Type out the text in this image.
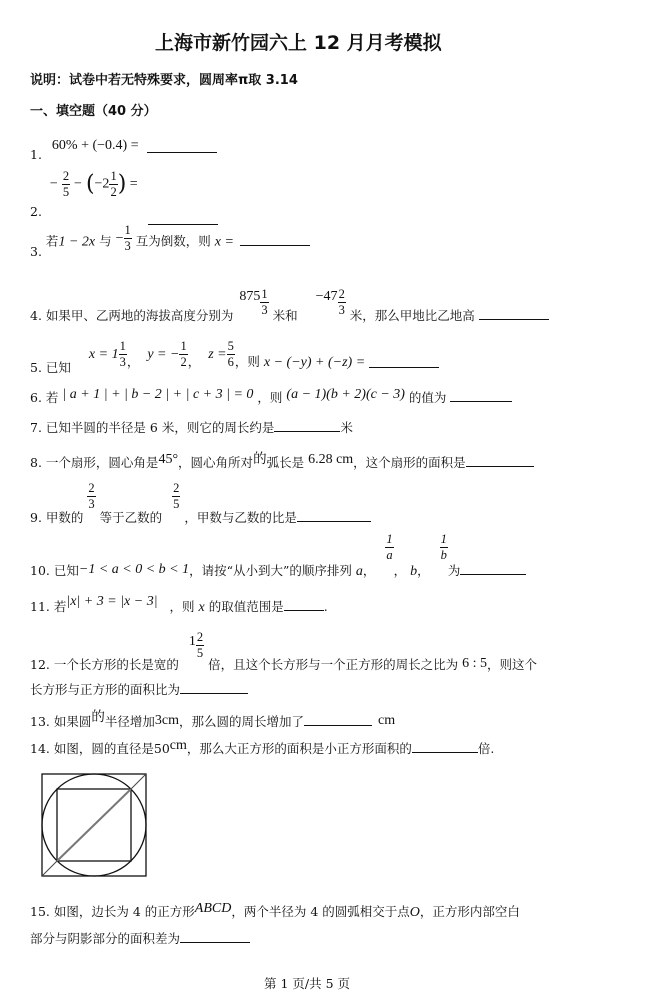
上海市新竹园六上 12 月月考模拟
说明：试卷中若无特殊要求，圆周率π取 3.14
一、填空题（40 分）
1. 60% + (−0.4) =
2. − $\frac{2}{5} - (-2 \frac{1}{2}$ ) =
3. 若1 − 2x 与 − $\frac{1}{3}$ 互为倒数，则 x =
4. 如果甲、乙两地的海拔高度分别为 $875 \frac{1}{3}$ 米和 $-47 \frac{2}{3}$ 米，那么甲地比乙地高
5. 已知 $x = 1 \frac{1}{3}$ ， y = − $\frac{1}{2}$ ， $z = \frac{5}{6}$ ，则 x − (−y) + (−z) =
6. 若 | a + 1 | + | b − 2 | + | c + 3 | = 0 ，则 (a − 1)(b + 2)(c − 3) 的值为
7. 已知半圆的半径是 6 米，则它的周长约是	米
8. 一个扇形，圆心角是45°，圆心角所对的弧长是 6.28 cm，这个扇形的面积是
9. 甲数的
$\frac{2}{3}$
等于乙数的
$\frac{2}{5}$
，甲数与乙数的比是
10. 已知−1 < a < 0 < b < 1，请按“从小到大”的顺序排列 a，
$\frac{1}{a}$
， b，
$\frac{1}{b}$
为
11. 若|x| + 3 = |x − 3| ，则 x 的取值范围是	.
12. 一个长方形的长是宽的 $1 \frac{2}{5}$
倍，且这个长方形与一个正方形的周长之比为 6 : 5，则这个
长方形与正方形的面积比为
13. 如果圆的半径增加3cm，那么圆的周长增加了	cm
14. 如图，圆的直径是50cm，那么大正方形的面积是小正方形面积的	倍.
15. 如图，边长为 4 的正方形ABCD，两个半径为 4 的圆弧相交于点O，正方形内部空白
部分与阴影部分的面积差为
第 1 页/共 5 页
